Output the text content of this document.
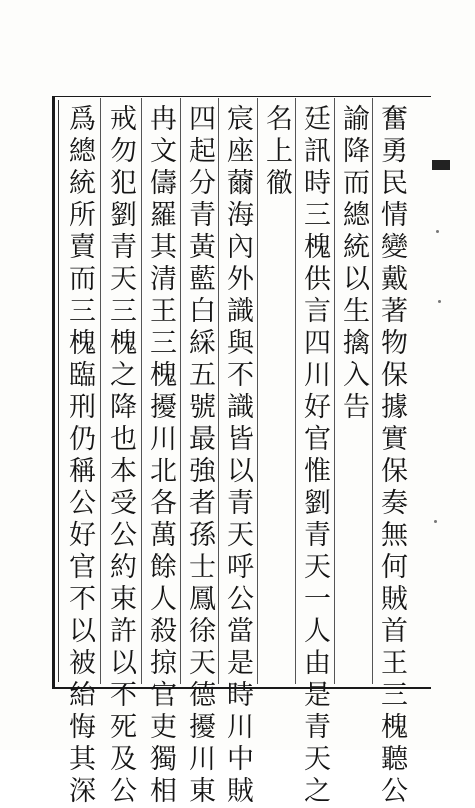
奮勇民情變戴著物保據實保奏無何賊首王三槐聽公
諭降而總統以生擒入告
廷訊時三槐供言四川好官惟劉青天一人由是青天之
名上徹
宸座薾海內外識與不識皆以青天呼公當是時川中賊
四起分青黃藍白綵五號最強者孫士鳳徐天德擾川東
冉文儔羅其清王三槐擾川北各萬餘人殺掠官吏獨相
戒勿犯劉青天三槐之降也本受公約束許以不死及公
爲總統所賣而三槐臨刑仍稱公好官不以被紿悔其深
